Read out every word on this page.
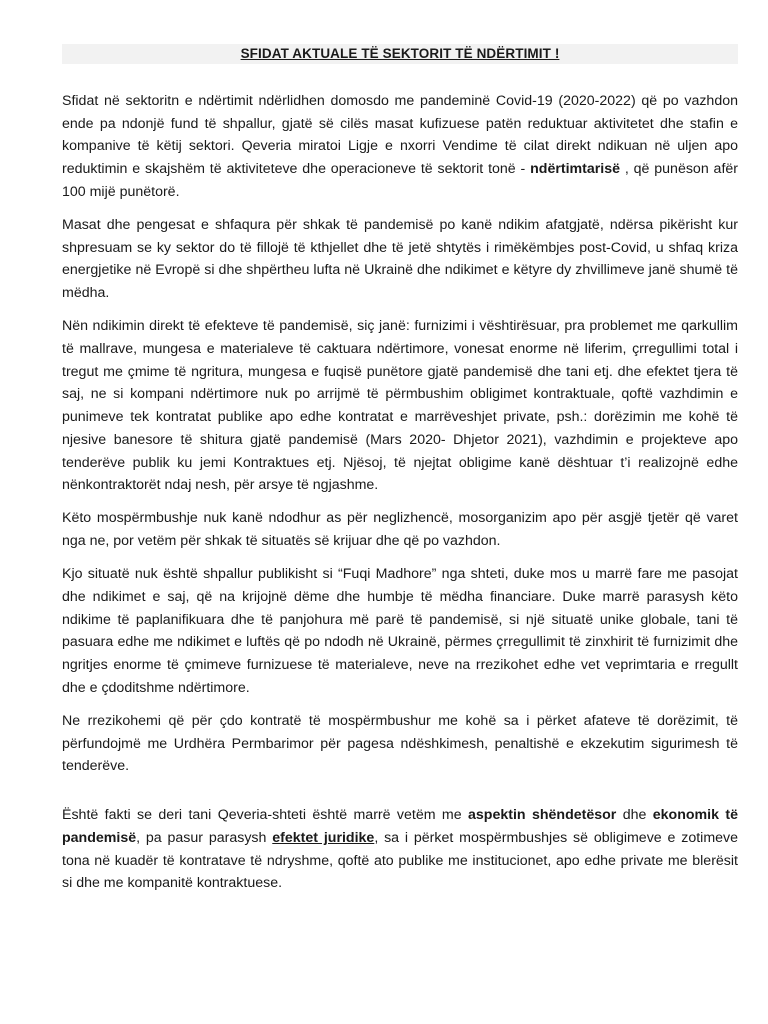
SFIDAT AKTUALE TË SEKTORIT TË NDËRTIMIT !

Sfidat në sektoritn e ndërtimit ndërlidhen domosdo me pandeminë Covid-19 (2020-2022) që po vazhdon ende pa ndonjë fund të shpallur, gjatë së cilës masat kufizuese patën reduktuar aktivitetet dhe stafin e kompanive të këtij sektori. Qeveria miratoi Ligje e nxorri Vendime të cilat direkt ndikuan në uljen apo reduktimin e skajshëm të aktiviteteve dhe operacioneve të sektorit tonë - ndërtimtarisë , që punëson afër 100 mijë punëtorë.

Masat dhe pengesat e shfaqura për shkak të pandemisë po kanë ndikim afatgjatë, ndërsa pikërisht kur shpresuam se ky sektor do të fillojë të kthjellet dhe të jetë shtytës i rimëkëmbjes post-Covid, u shfaq kriza energjetike në Evropë si dhe shpërtheu lufta në Ukrainë dhe ndikimet e këtyre dy zhvillimeve janë shumë të mëdha.

Nën ndikimin direkt të efekteve të pandemisë, siç janë: furnizimi i vështirësuar, pra problemet me qarkullim të mallrave, mungesa e materialeve të caktuara ndërtimore, vonesat enorme në liferim, çrregullimi total i tregut me çmime të ngritura, mungesa e fuqisë punëtore gjatë pandemisë dhe tani etj. dhe efektet tjera të saj, ne si kompani ndërtimore nuk po arrijmë të përmbushim obligimet kontraktuale, qoftë vazhdimin e punimeve tek kontratat publike apo edhe kontratat e marrëveshjet private, psh.: dorëzimin me kohë të njesive banesore të shitura gjatë pandemisë (Mars 2020- Dhjetor 2021), vazhdimin e projekteve apo tenderëve publik ku jemi Kontraktues etj. Njësoj, të njejtat obligime kanë dështuar t’i realizojnë edhe nënkontraktorët ndaj nesh, për arsye të ngjashme.

Këto mospërmbushje nuk kanë ndodhur as për neglizhencë, mosorganizim apo për asgjë tjetër që varet nga ne, por vetëm për shkak të situatës së krijuar dhe që po vazhdon.

Kjo situatë nuk është shpallur publikisht si “Fuqi Madhore” nga shteti, duke mos u marrë fare me pasojat dhe ndikimet e saj, që na krijojnë dëme dhe humbje të mëdha financiare. Duke marrë parasysh këto ndikime të paplanifikuara dhe të panjohura më parë të pandemisë, si një situatë unike globale, tani të pasuara edhe me ndikimet e luftës që po ndodh në Ukrainë, përmes çrregullimit të zinxhirit të furnizimit dhe ngritjes enorme të çmimeve furnizuese të materialeve, neve na rrezikohet edhe vet veprimtaria e rregullt dhe e çdoditshme ndërtimore.

Ne rrezikohemi që për çdo kontratë të mospërmbushur me kohë sa i përket afateve të dorëzimit, të përfundojmë me Urdhëra Permbarimor për pagesa ndëshkimesh, penaltishë e ekzekutim sigurimesh të tenderëve.

Është fakti se deri tani Qeveria-shteti është marrë vetëm me aspektin shëndetësor dhe ekonomik të pandemisë, pa pasur parasysh efektet juridike, sa i përket mospërmbushjes së obligimeve e zotimeve tona në kuadër të kontratave të ndryshme, qoftë ato publike me institucionet, apo edhe private me blerësit si dhe me kompanitë kontraktuese.
